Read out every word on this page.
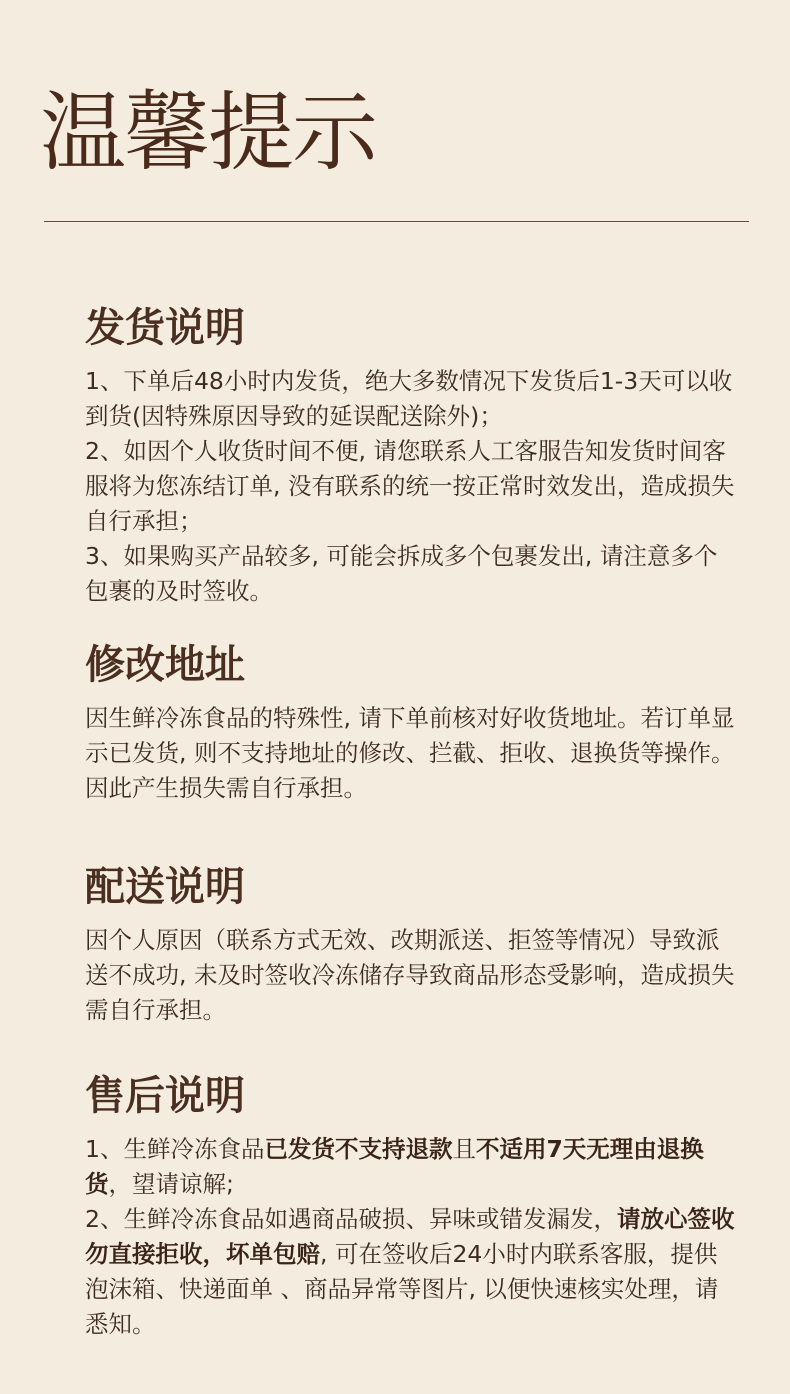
温馨提示
发货说明

1、下单后48小时内发货，绝大多数情况下发货后1-3天可以收到货(因特殊原因导致的延误配送除外)；

2、如因个人收货时间不便, 请您联系人工客服告知发货时间客服将为您冻结订单, 没有联系的统一按正常时效发出，造成损失自行承担；

3、如果购买产品较多, 可能会拆成多个包裹发出, 请注意多个包裹的及时签收。

修改地址

因生鲜冷冻食品的特殊性, 请下单前核对好收货地址。若订单显示已发货, 则不支持地址的修改、拦截、拒收、退换货等操作。因此产生损失需自行承担。

配送说明

因个人原因（联系方式无效、改期派送、拒签等情况）导致派送不成功, 未及时签收冷冻储存导致商品形态受影响，造成损失需自行承担。

售后说明

1、生鲜冷冻食品已发货不支持退款且不适用7天无理由退换货，望请谅解;

2、生鲜冷冻食品如遇商品破损、异味或错发漏发，请放心签收 勿直接拒收，坏单包赔, 可在签收后24小时内联系客服，提供泡沫箱、快递面单 、商品异常等图片, 以便快速核实处理，请悉知。
